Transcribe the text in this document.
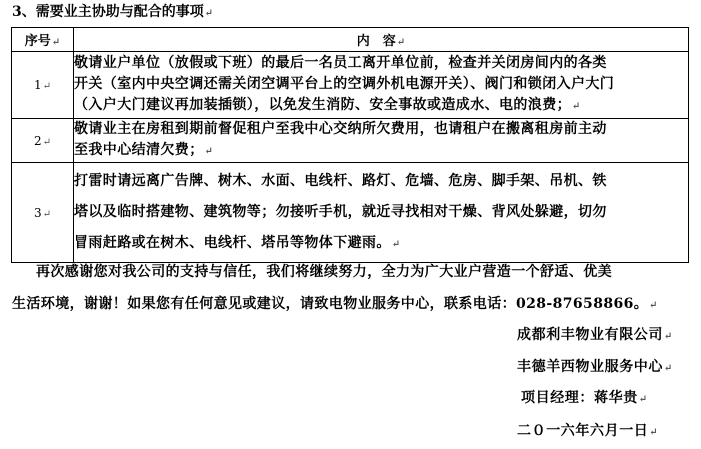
3、需要业主协助与配合的事项↵
序号↵	内　容↵
1↵	敬请业户单位（放假或下班）的最后一名员工离开单位前，检查并关闭房间内的各类
开关（室内中央空调还需关闭空调平台上的空调外机电源开关）、阀门和锁闭入户大门
（入户大门建议再加装插锁），以免发生消防、安全事故或造成水、电的浪费；↵

2↵	敬请业主在房租到期前督促租户至我中心交纳所欠费用，也请租户在搬离租房前主动
至我中心结清欠费；↵

3↵	打雷时请远离广告牌、树木、水面、电线杆、路灯、危墙、危房、脚手架、吊机、铁
塔以及临时搭建物、建筑物等；勿接听手机，就近寻找相对干燥、背风处躲避，切勿
冒雨赶路或在树木、电线杆、塔吊等物体下避雨。↵
再次感谢您对我公司的支持与信任，我们将继续努力，全力为广大业户营造一个舒适、优美
生活环境，谢谢！如果您有任何意见或建议，请致电物业服务中心，联系电话：028-87658866。↵
成都利丰物业有限公司↵
丰德羊西物业服务中心↵
项目经理：蒋华贵↵
二０一六年六月一日↵
